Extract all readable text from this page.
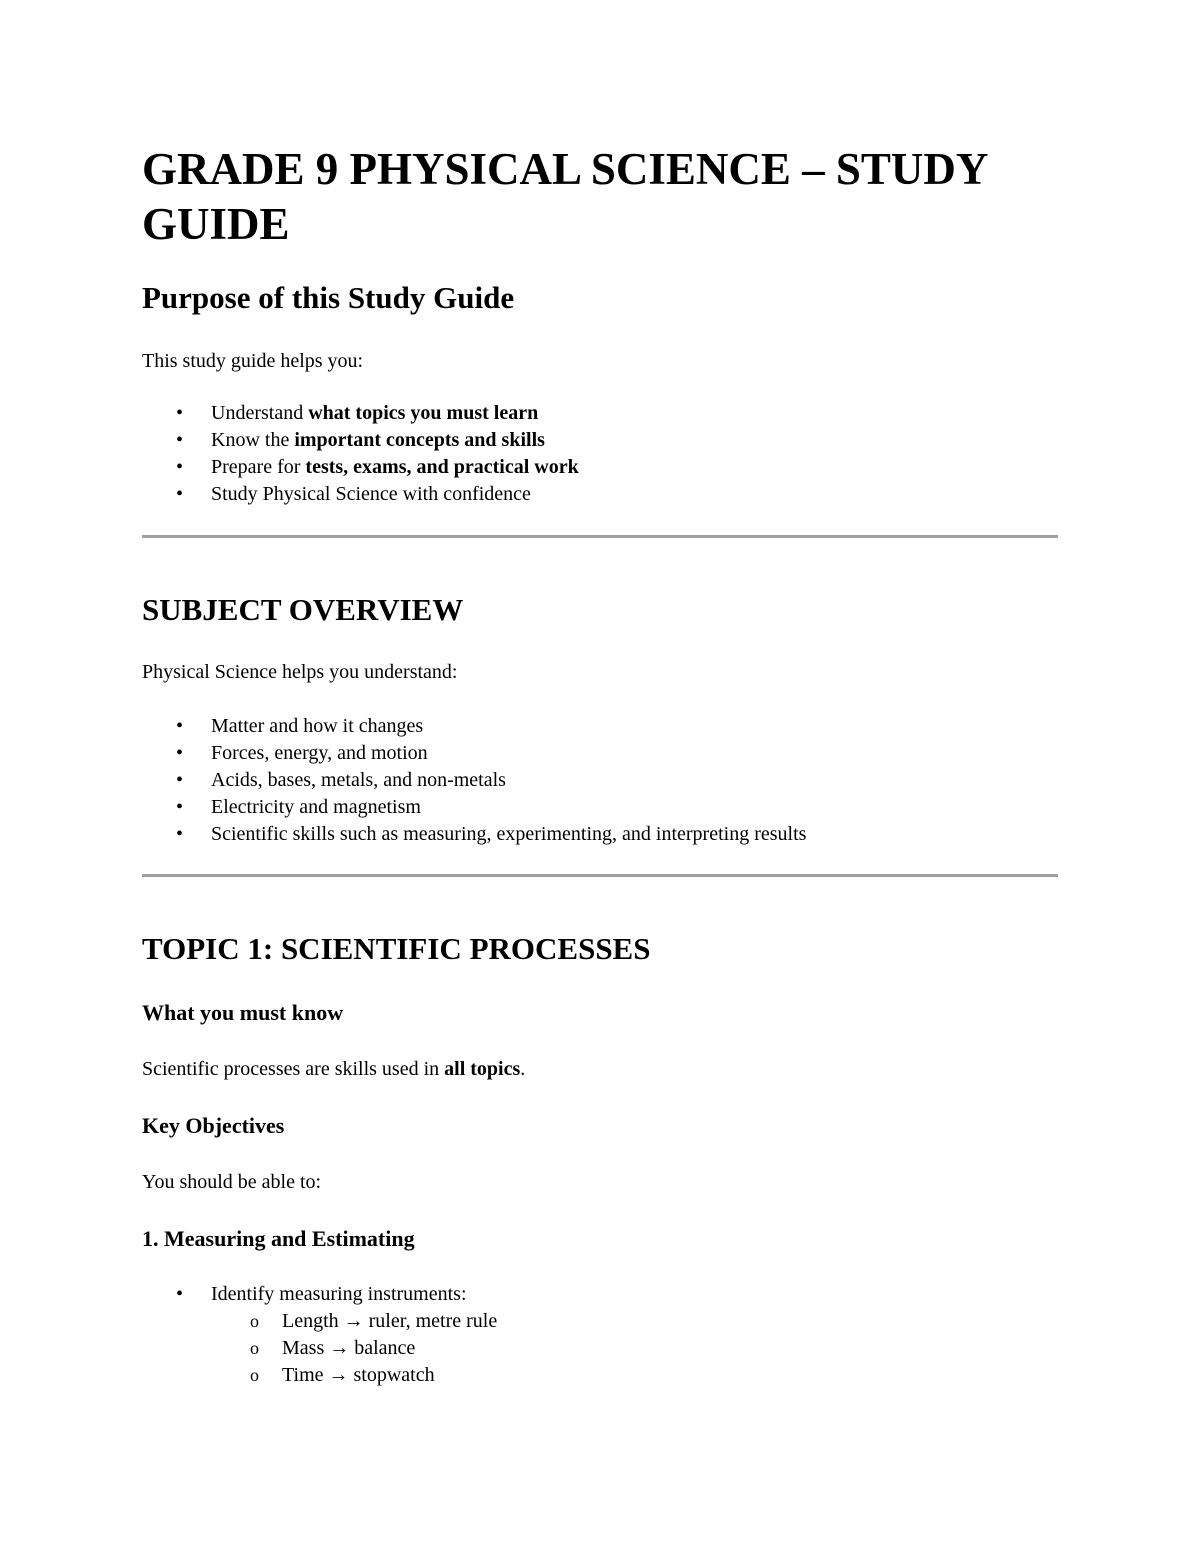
GRADE 9 PHYSICAL SCIENCE – STUDY
GUIDE
Purpose of this Study Guide
This study guide helps you:
• Understand what topics you must learn
• Know the important concepts and skills
• Prepare for tests, exams, and practical work
• Study Physical Science with confidence
SUBJECT OVERVIEW
Physical Science helps you understand:
• Matter and how it changes
• Forces, energy, and motion
• Acids, bases, metals, and non-metals
• Electricity and magnetism
• Scientific skills such as measuring, experimenting, and interpreting results
TOPIC 1: SCIENTIFIC PROCESSES
What you must know
Scientific processes are skills used in all topics.
Key Objectives
You should be able to:
1. Measuring and Estimating
• Identify measuring instruments:
o Length → ruler, metre rule
o Mass → balance
o Time → stopwatch
